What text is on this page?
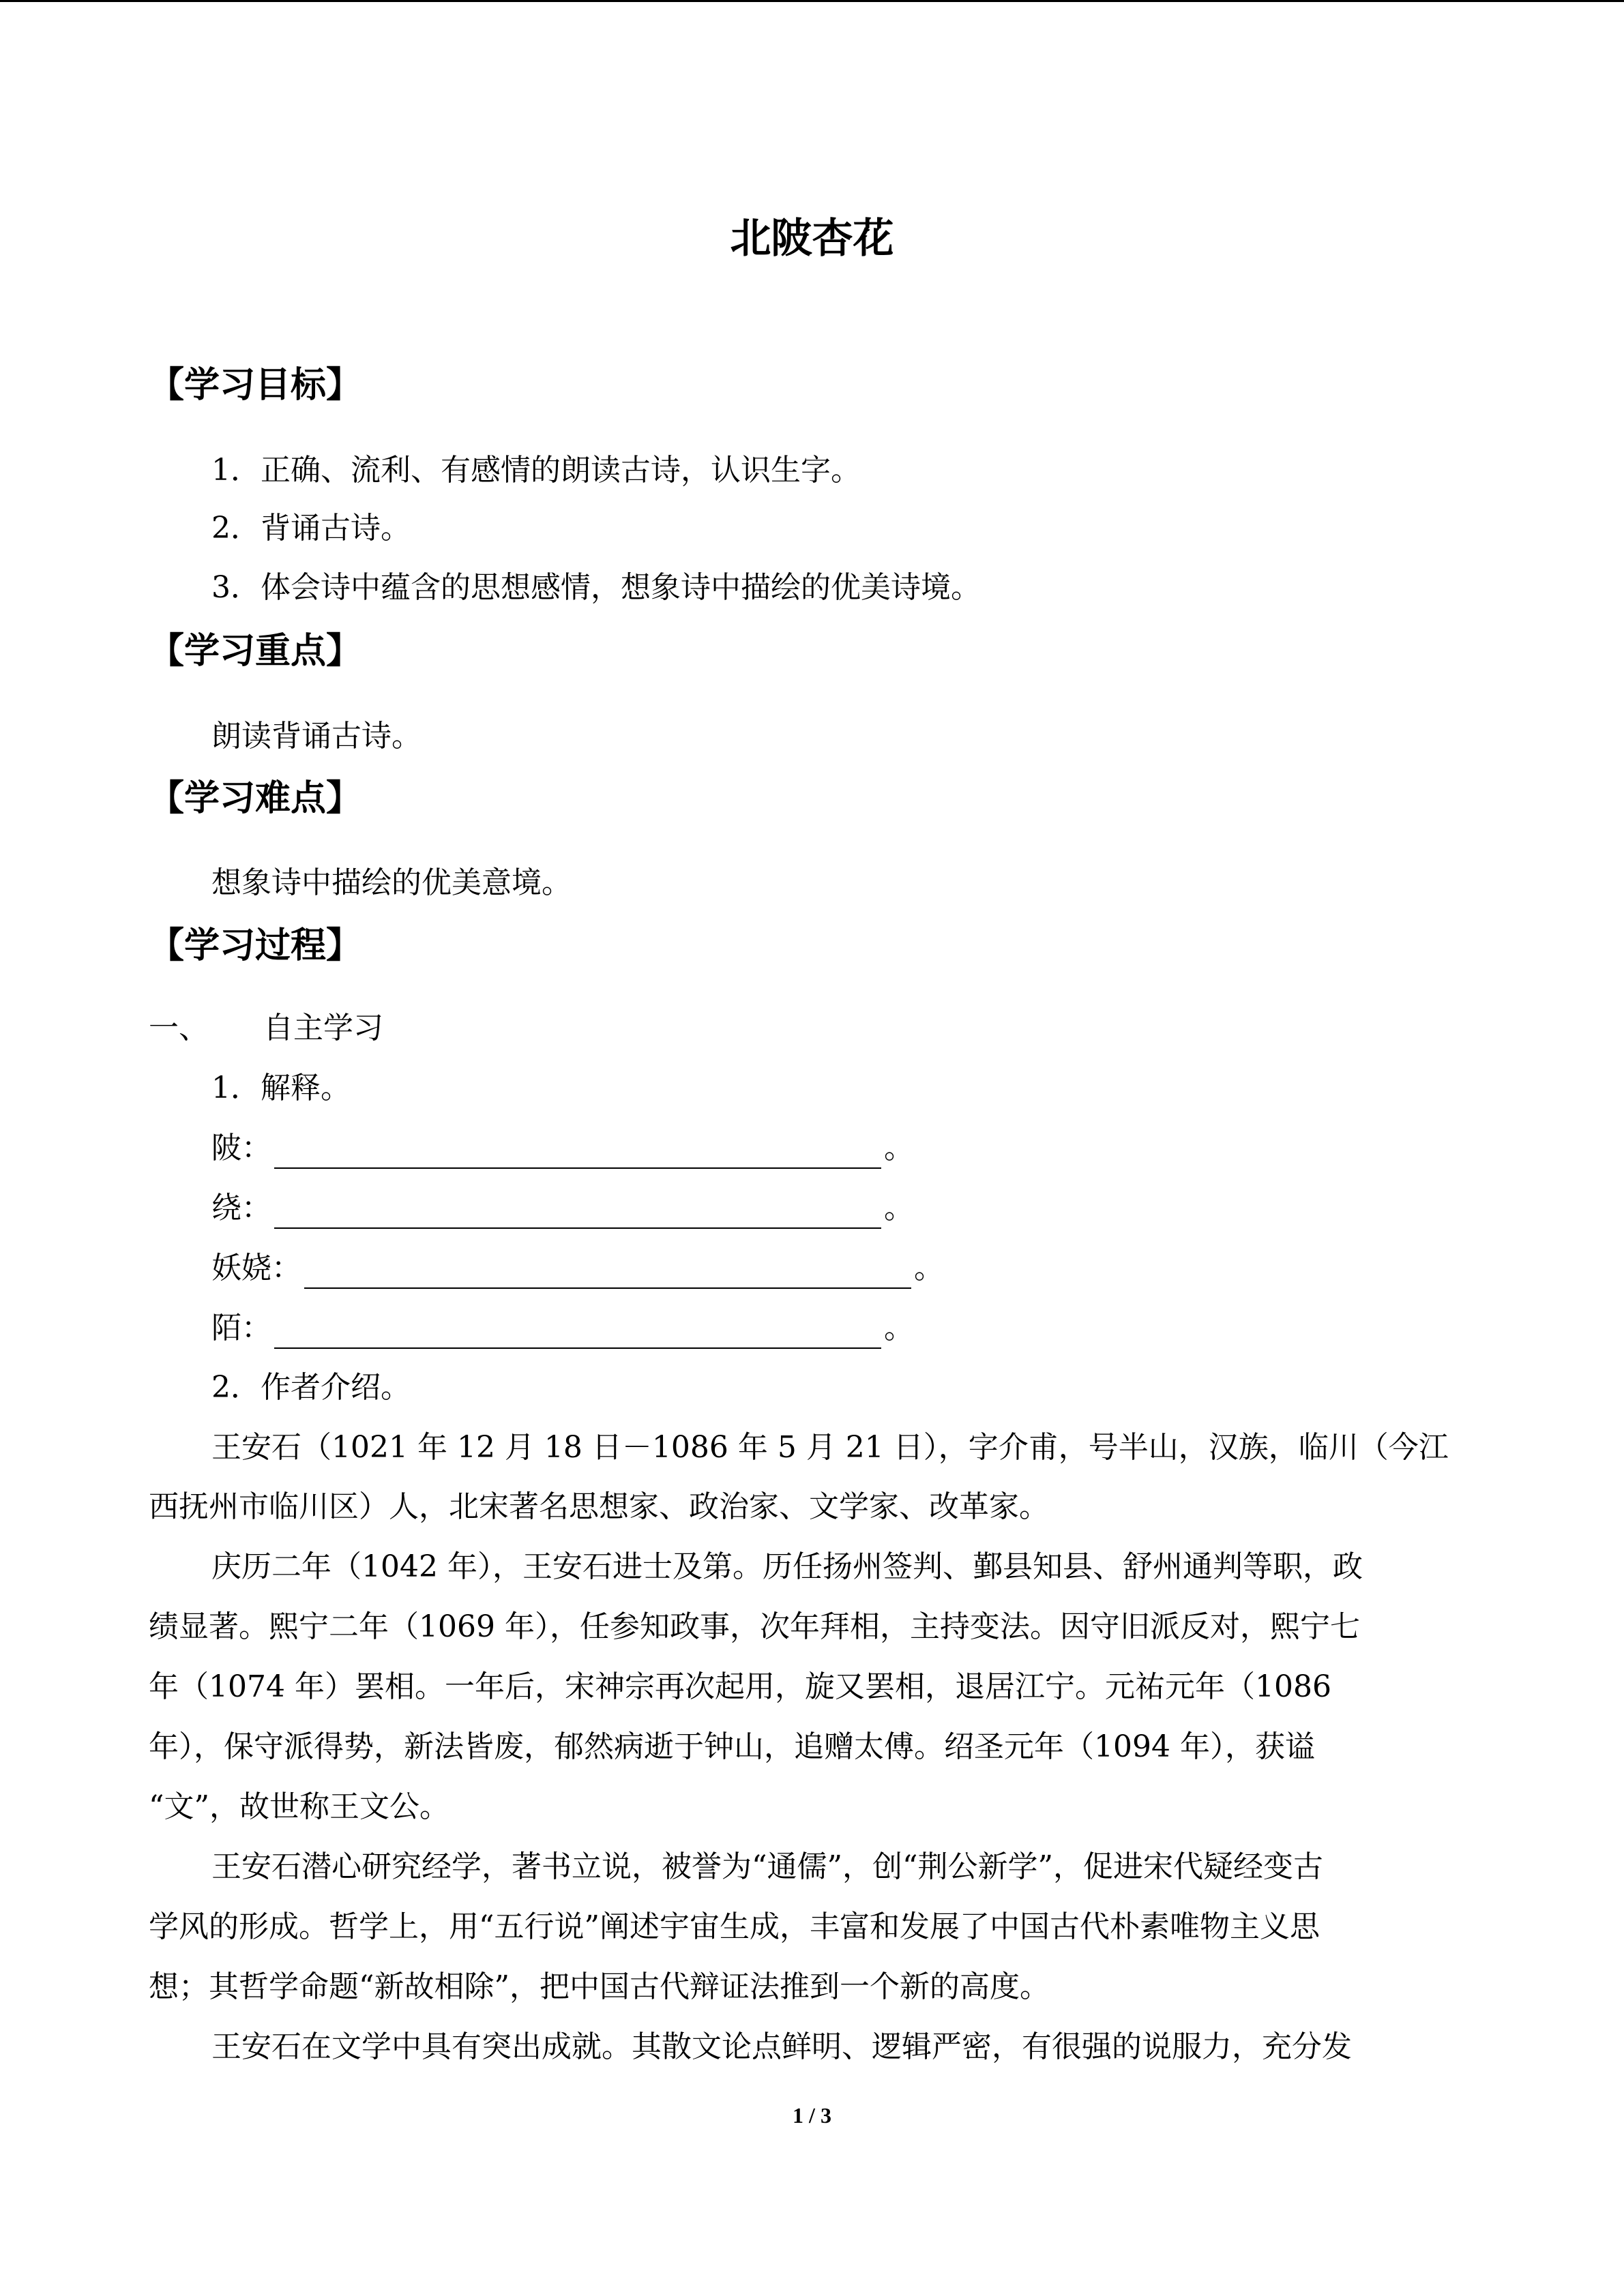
北陂杏花
【学习目标】
1．正确、流利、有感情的朗读古诗，认识生字。
2．背诵古诗。
3．体会诗中蕴含的思想感情，想象诗中描绘的优美诗境。
【学习重点】
朗读背诵古诗。
【学习难点】
想象诗中描绘的优美意境。
【学习过程】
一、 自主学习
1．解释。
陂：	。
绕：	。
妖娆：	。
陌：	。
2．作者介绍。
王安石（1021 年 12 月 18 日－1086 年 5 月 21 日），字介甫，号半山，汉族，临川（今江
西抚州市临川区）人，北宋著名思想家、政治家、文学家、改革家。
庆历二年（1042 年），王安石进士及第。历任扬州签判、鄞县知县、舒州通判等职，政
绩显著。熙宁二年（1069 年），任参知政事，次年拜相，主持变法。因守旧派反对，熙宁七
年（1074 年）罢相。一年后，宋神宗再次起用，旋又罢相，退居江宁。元祐元年（1086
年），保守派得势，新法皆废，郁然病逝于钟山，追赠太傅。绍圣元年（1094 年），获谥
“文”，故世称王文公。
王安石潜心研究经学，著书立说，被誉为“通儒”，创“荆公新学”，促进宋代疑经变古
学风的形成。哲学上，用“五行说”阐述宇宙生成，丰富和发展了中国古代朴素唯物主义思
想；其哲学命题“新故相除”，把中国古代辩证法推到一个新的高度。
王安石在文学中具有突出成就。其散文论点鲜明、逻辑严密，有很强的说服力，充分发
1 / 3
